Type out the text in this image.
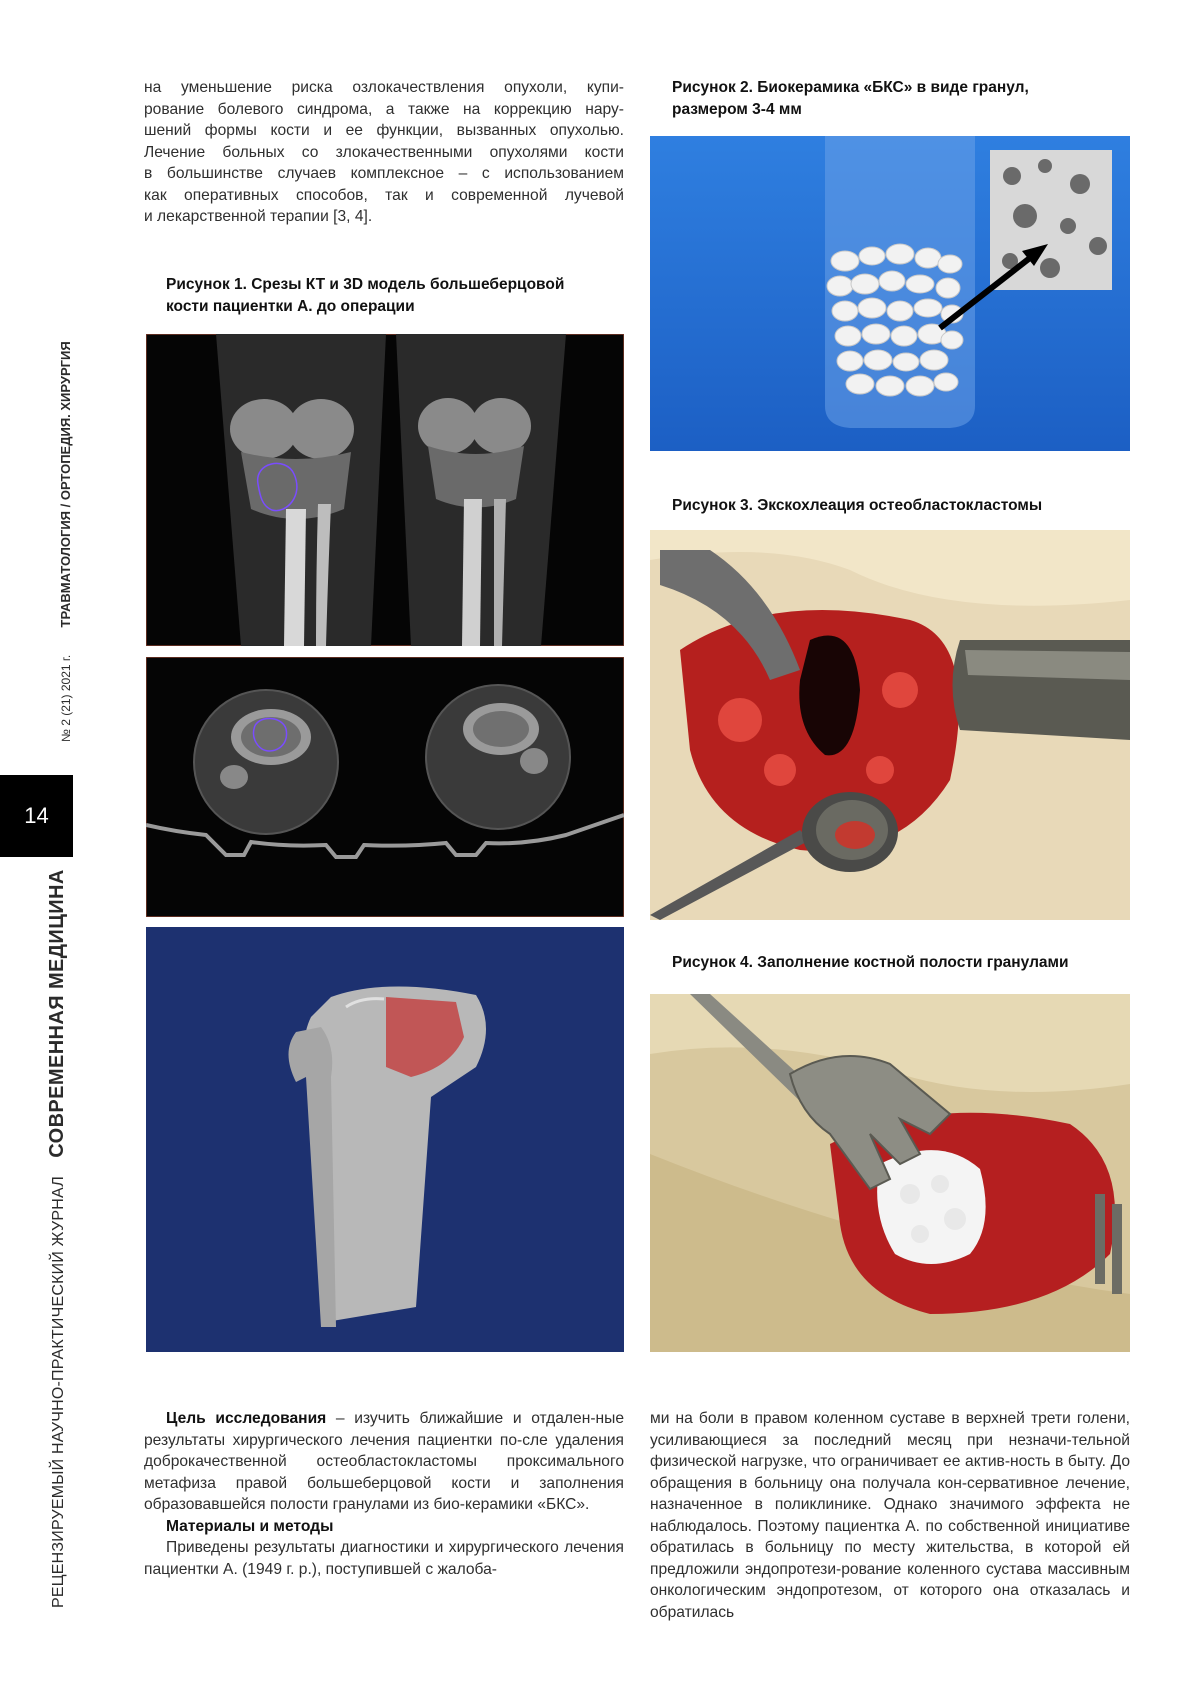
РЕЦЕНЗИРУЕМЫЙ НАУЧНО-ПРАКТИЧЕСКИЙ ЖУРНАЛ СОВРЕМЕННАЯ МЕДИЦИНА
№ 2 (21) 2021 г. ТРАВМАТОЛОГИЯ / ОРТОПЕДИЯ. ХИРУРГИЯ
14
на уменьшение риска озлокачествления опухоли, купи-
рование болевого синдрома, а также на коррекцию нару-
шений формы кости и ее функции, вызванных опухолью.
Лечение больных со злокачественными опухолями кости
в большинстве случаев комплексное – с использованием
как оперативных способов, так и современной лучевой
и лекарственной терапии [3, 4].
Рисунок 1. Срезы КТ и 3D модель большеберцовой
кости пациентки А. до операции
Рисунок 2. Биокерамика «БКС» в виде гранул,
размером 3-4 мм
Рисунок 3. Экскохлеация остеобластокластомы
Рисунок 4. Заполнение костной полости гранулами

Цель исследования – изучить ближайшие и отдален-ные результаты хирургического лечения пациентки по-сле удаления доброкачественной остеобластокластомы проксимального метафиза правой большеберцовой кости и заполнения образовавшейся полости гранулами из био-керамики «БКС».

Материалы и методы

Приведены результаты диагностики и хирургического лечения пациентки А. (1949 г. р.), поступившей с жалоба-

ми на боли в правом коленном суставе в верхней трети голени, усиливающиеся за последний месяц при незначи-тельной физической нагрузке, что ограничивает ее актив-ность в быту. До обращения в больницу она получала кон-сервативное лечение, назначенное в поликлинике. Однако значимого эффекта не наблюдалось. Поэтому пациентка А. по собственной инициативе обратилась в больницу по месту жительства, в которой ей предложили эндопротези-рование коленного сустава массивным онкологическим эндопротезом, от которого она отказалась и обратилась
